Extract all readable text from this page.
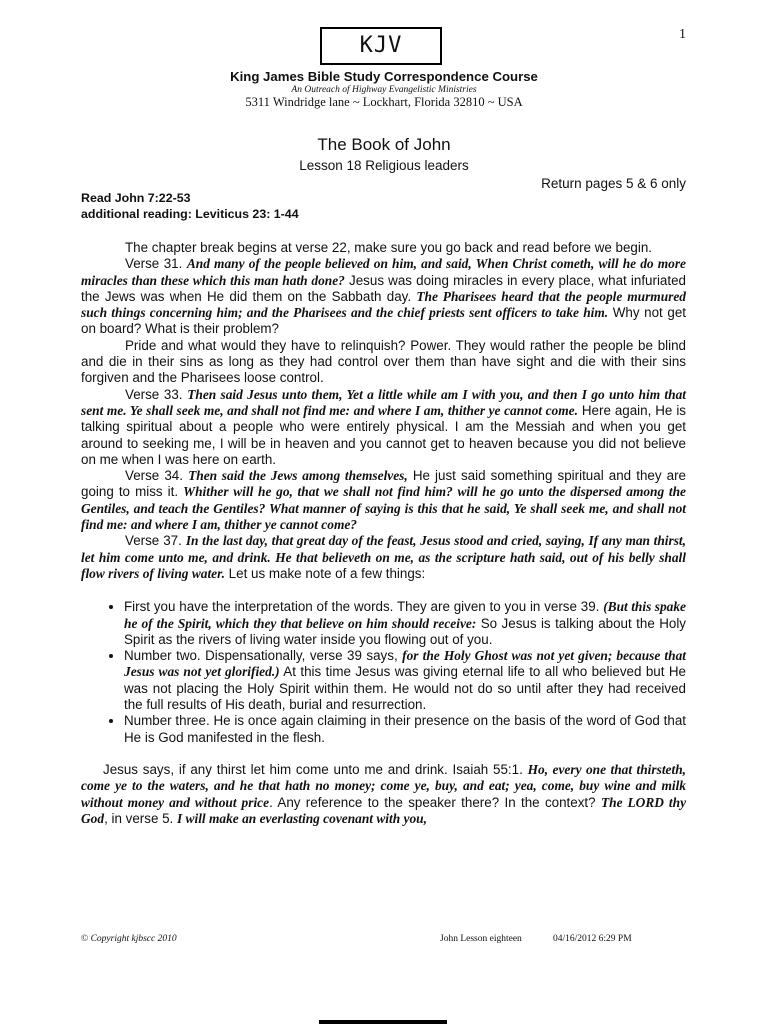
1
KJV
King James Bible Study Correspondence Course
An Outreach of Highway Evangelistic Ministries
5311 Windridge lane ~ Lockhart, Florida 32810 ~ USA
The Book of John
Lesson 18 Religious leaders
Return pages 5 & 6 only
Read John 7:22-53
additional reading: Leviticus 23: 1-44

The chapter break begins at verse 22, make sure you go back and read before we begin.

Verse 31. And many of the people believed on him, and said, When Christ cometh, will he do more miracles than these which this man hath done? Jesus was doing miracles in every place, what infuriated the Jews was when He did them on the Sabbath day. The Pharisees heard that the people murmured such things concerning him; and the Pharisees and the chief priests sent officers to take him. Why not get on board? What is their problem?

Pride and what would they have to relinquish? Power. They would rather the people be blind and die in their sins as long as they had control over them than have sight and die with their sins forgiven and the Pharisees loose control.

Verse 33. Then said Jesus unto them, Yet a little while am I with you, and then I go unto him that sent me. Ye shall seek me, and shall not find me: and where I am, thither ye cannot come. Here again, He is talking spiritual about a people who were entirely physical. I am the Messiah and when you get around to seeking me, I will be in heaven and you cannot get to heaven because you did not believe on me when I was here on earth.

Verse 34. Then said the Jews among themselves, He just said something spiritual and they are going to miss it. Whither will he go, that we shall not find him? will he go unto the dispersed among the Gentiles, and teach the Gentiles? What manner of saying is this that he said, Ye shall seek me, and shall not find me: and where I am, thither ye cannot come?

Verse 37. In the last day, that great day of the feast, Jesus stood and cried, saying, If any man thirst, let him come unto me, and drink. He that believeth on me, as the scripture hath said, out of his belly shall flow rivers of living water. Let us make note of a few things:

• First you have the interpretation of the words. They are given to you in verse 39. (But this spake he of the Spirit, which they that believe on him should receive: So Jesus is talking about the Holy Spirit as the rivers of living water inside you flowing out of you.
• Number two. Dispensationally, verse 39 says, for the Holy Ghost was not yet given; because that Jesus was not yet glorified.) At this time Jesus was giving eternal life to all who believed but He was not placing the Holy Spirit within them. He would not do so until after they had received the full results of His death, burial and resurrection.
• Number three. He is once again claiming in their presence on the basis of the word of God that He is God manifested in the flesh.

Jesus says, if any thirst let him come unto me and drink. Isaiah 55:1. Ho, every one that thirsteth, come ye to the waters, and he that hath no money; come ye, buy, and eat; yea, come, buy wine and milk without money and without price. Any reference to the speaker there? In the context? The LORD thy God, in verse 5. I will make an everlasting covenant with you,

© Copyright kjbscc 2010	John Lesson eighteen	04/16/2012 6:29 PM
